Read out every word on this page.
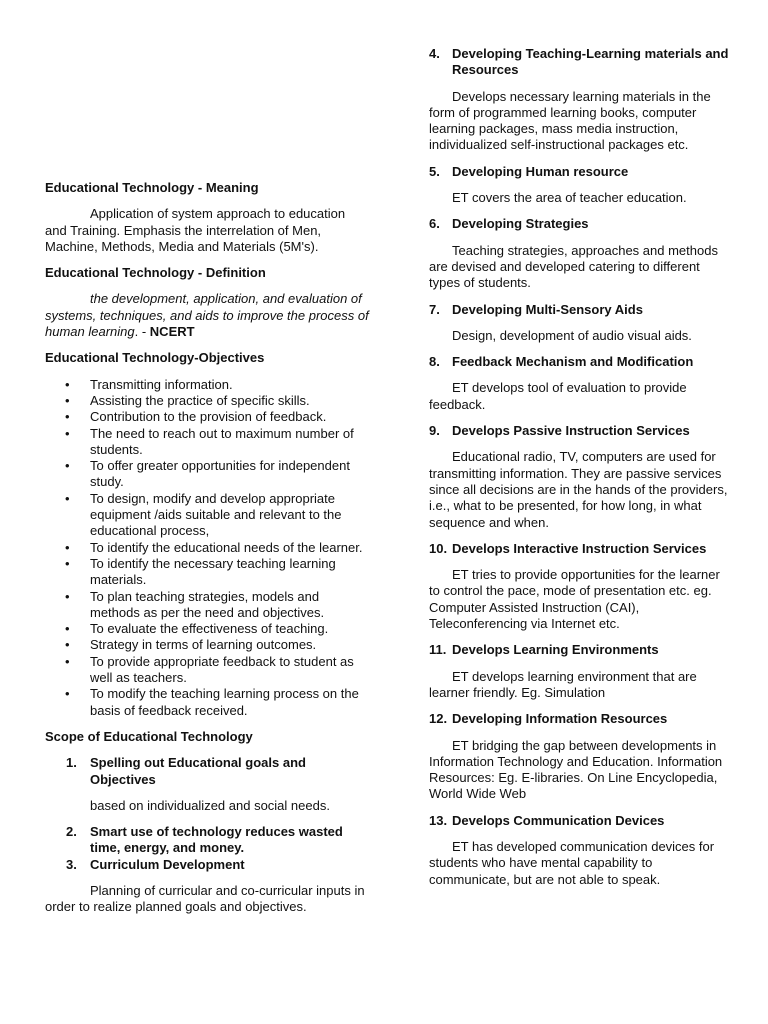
Educational Technology - Meaning

Application of system approach to education and Training. Emphasis the interrelation of Men, Machine, Methods, Media and Materials (5M's).

Educational Technology - Definition

the development, application, and evaluation of systems, techniques, and aids to improve the process of human learning. - NCERT

Educational Technology-Objectives
• Transmitting information.
• Assisting the practice of specific skills.
• Contribution to the provision of feedback.
• The need to reach out to maximum number of students.
• To offer greater opportunities for independent study.
• To design, modify and develop appropriate equipment /aids suitable and relevant to the educational process,
• To identify the educational needs of the learner.
• To identify the necessary teaching learning materials.
• To plan teaching strategies, models and methods as per the need and objectives.
• To evaluate the effectiveness of teaching.
• Strategy in terms of learning outcomes.
• To provide appropriate feedback to student as well as teachers.
• To modify the teaching learning process on the basis of feedback received.
Scope of Educational Technology
1. Spelling out Educational goals and Objectives
based on individualized and social needs.
2. Smart use of technology reduces wasted time, energy, and money.
3. Curriculum Development

Planning of curricular and co-curricular inputs in order to realize planned goals and objectives.

4. Developing Teaching-Learning materials and Resources

Develops necessary learning materials in the form of programmed learning books, computer learning packages, mass media instruction, individualized self-instructional packages etc.

5. Developing Human resource

ET covers the area of teacher education.

6. Developing Strategies

Teaching strategies, approaches and methods are devised and developed catering to different types of students.

7. Developing Multi-Sensory Aids

Design, development of audio visual aids.

8. Feedback Mechanism and Modification

ET develops tool of evaluation to provide feedback.

9. Develops Passive Instruction Services

Educational radio, TV, computers are used for transmitting information. They are passive services since all decisions are in the hands of the providers, i.e., what to be presented, for how long, in what sequence and when.

10. Develops Interactive Instruction Services

ET tries to provide opportunities for the learner to control the pace, mode of presentation etc. eg. Computer Assisted Instruction (CAI), Teleconferencing via Internet etc.

11. Develops Learning Environments

ET develops learning environment that are learner friendly. Eg. Simulation

12. Developing Information Resources

ET bridging the gap between developments in Information Technology and Education. Information Resources: Eg. E-libraries. On Line Encyclopedia, World Wide Web

13. Develops Communication Devices

ET has developed communication devices for students who have mental capability to communicate, but are not able to speak.
